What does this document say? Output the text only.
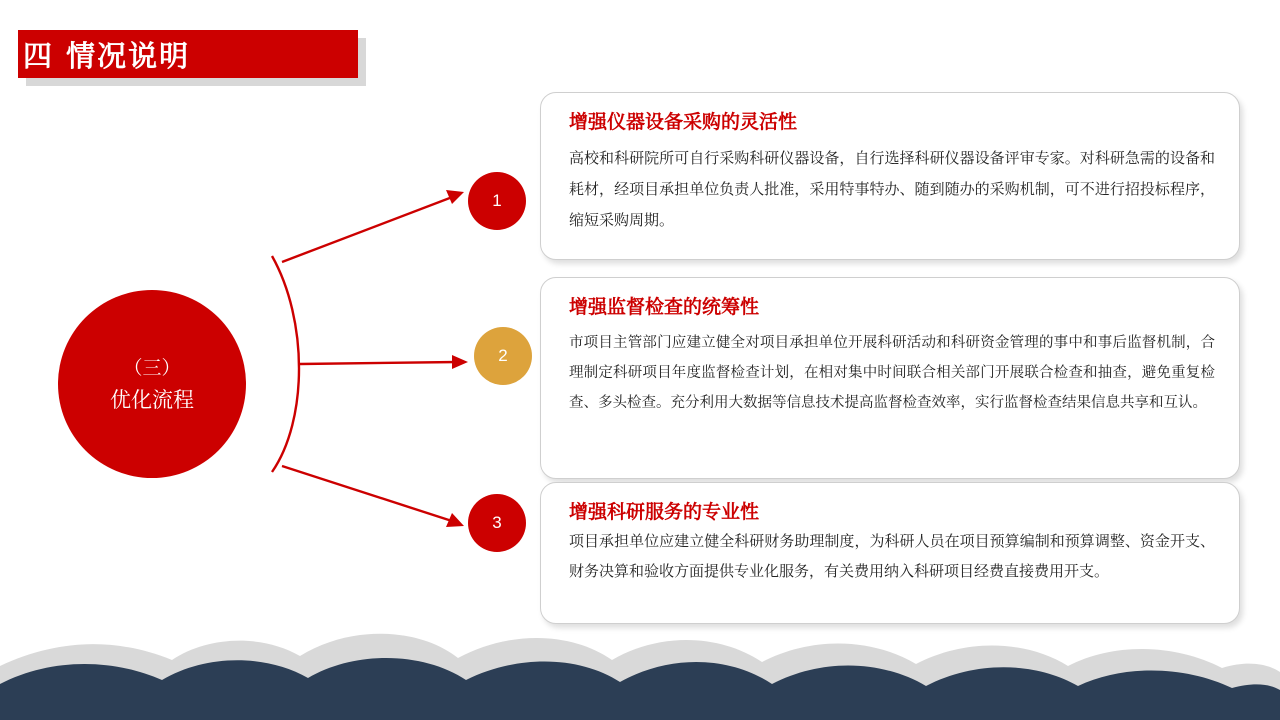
四 情况说明
（三）
优化流程
1
2
3
增强仪器设备采购的灵活性
高校和科研院所可自行采购科研仪器设备，自行选择科研仪器设备评审专家。对科研急需的设备和耗材，经项目承担单位负责人批准，采用特事特办、随到随办的采购机制，可不进行招投标程序，缩短采购周期。
增强监督检查的统筹性
市项目主管部门应建立健全对项目承担单位开展科研活动和科研资金管理的事中和事后监督机制，合理制定科研项目年度监督检查计划，在相对集中时间联合相关部门开展联合检查和抽查，避免重复检查、多头检查。充分利用大数据等信息技术提高监督检查效率，实行监督检查结果信息共享和互认。
增强科研服务的专业性
项目承担单位应建立健全科研财务助理制度，为科研人员在项目预算编制和预算调整、资金开支、财务决算和验收方面提供专业化服务，有关费用纳入科研项目经费直接费用开支。
